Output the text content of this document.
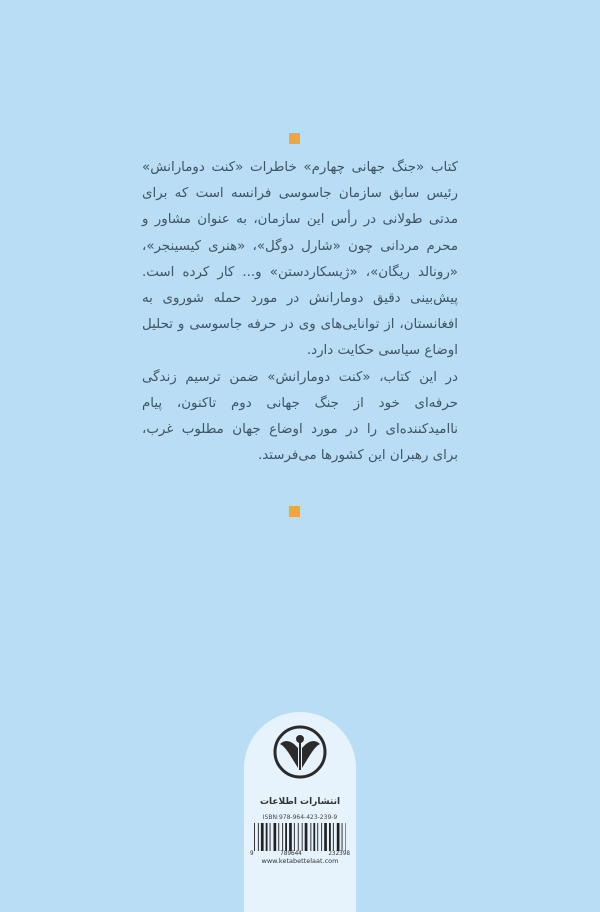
کتاب «جنگ جهانی چهارم» خاطرات «کنت دومارانش» رئیس سابق سازمان جاسوسی فرانسه است که برای مدتی طولانی در رأس این سازمان، به عنوان مشاور و محرم مردانی چون «شارل دوگل»، «هنری کیسینجر»، «رونالد ریگان»، «ژیسکاردستن» و... کار کرده است. پیش‌بینی دقیق دومارانش در مورد حمله شوروی به افغانستان، از توانایی‌های وی در حرفه جاسوسی و تحلیل اوضاع سیاسی حکایت دارد.

در این کتاب، «کنت دومارانش» ضمن ترسیم زندگی حرفه‌ای خود از جنگ جهانی دوم تاکنون، پیام ناامیدکننده‌ای را در مورد اوضاع جهان مطلوب غرب، برای رهبران این کشورها می‌فرستد.

انتشارات اطلاعات
ISBN:978-964-423-239-9
9	789644	232398
www.ketabettelaat.com
